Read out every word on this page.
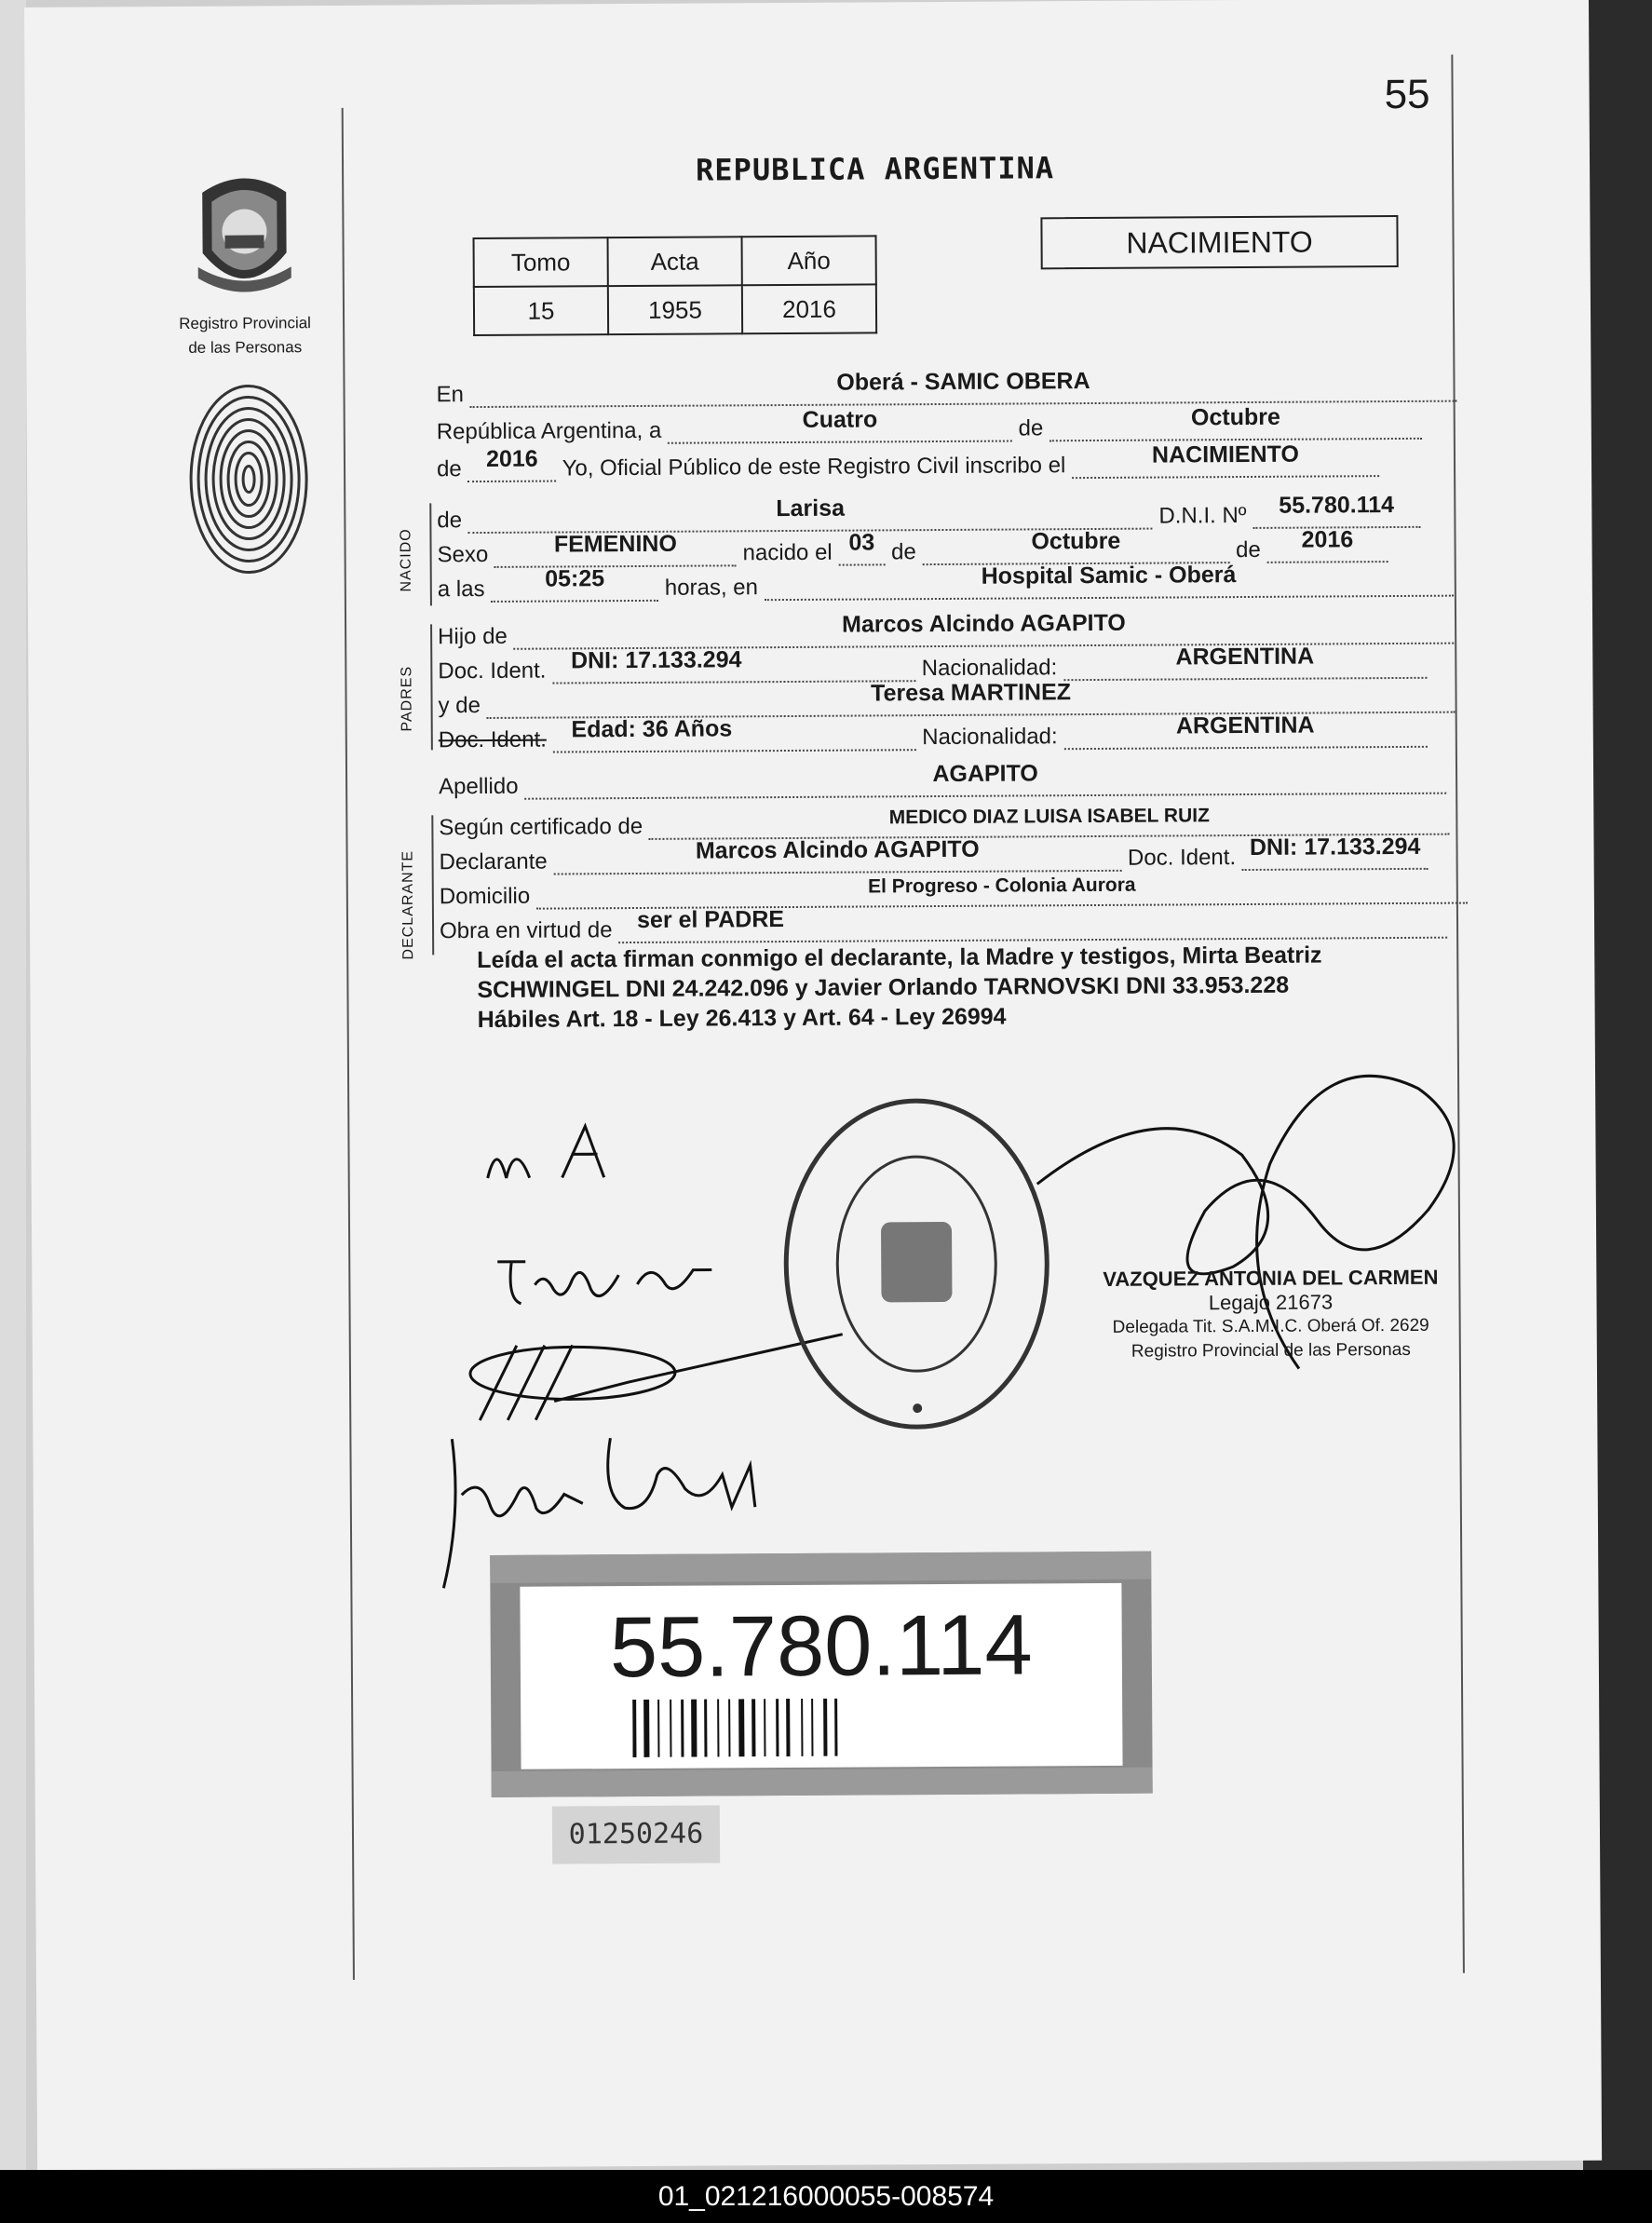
55
Registro Provincial
de las Personas
REPUBLICA ARGENTINA
Tomo	Acta	Año
15	1955	2016
NACIMIENTO
En	Oberá - SAMIC OBERA
República Argentina, a	Cuatro	de	Octubre
de	2016	Yo, Oficial Público de este Registro Civil inscribo el	NACIMIENTO
NACIDO
de	Larisa	D.N.I. Nº	55.780.114
Sexo	FEMENINO	nacido el 03 de	Octubre	de	2016
a las	05:25	horas, en	Hospital Samic - Oberá
PADRES
Hijo de	Marcos Alcindo AGAPITO
Doc. Ident. DNI: 17.133.294	Nacionalidad:	ARGENTINA
y de	Teresa MARTINEZ
Doc. Ident. Edad: 36 Años	Nacionalidad:	ARGENTINA
Apellido	AGAPITO
DECLARANTE
Según certificado de	MEDICO DIAZ LUISA ISABEL RUIZ
Declarante	Marcos Alcindo AGAPITO	Doc. Ident. DNI: 17.133.294
Domicilio	El Progreso - Colonia Aurora
Obra en virtud de ser el PADRE
Leída el acta firman conmigo el declarante, la Madre y testigos, Mirta Beatriz
SCHWINGEL DNI 24.242.096 y Javier Orlando TARNOVSKI DNI 33.953.228
Hábiles Art. 18 - Ley 26.413 y Art. 64 - Ley 26994
VAZQUEZ ANTONIA DEL CARMEN
Legajo 21673
Delegada Tit. S.A.M.I.C. Oberá Of. 2629
Registro Provincial de las Personas
55.780.114
01250246
01_021216000055-008574
